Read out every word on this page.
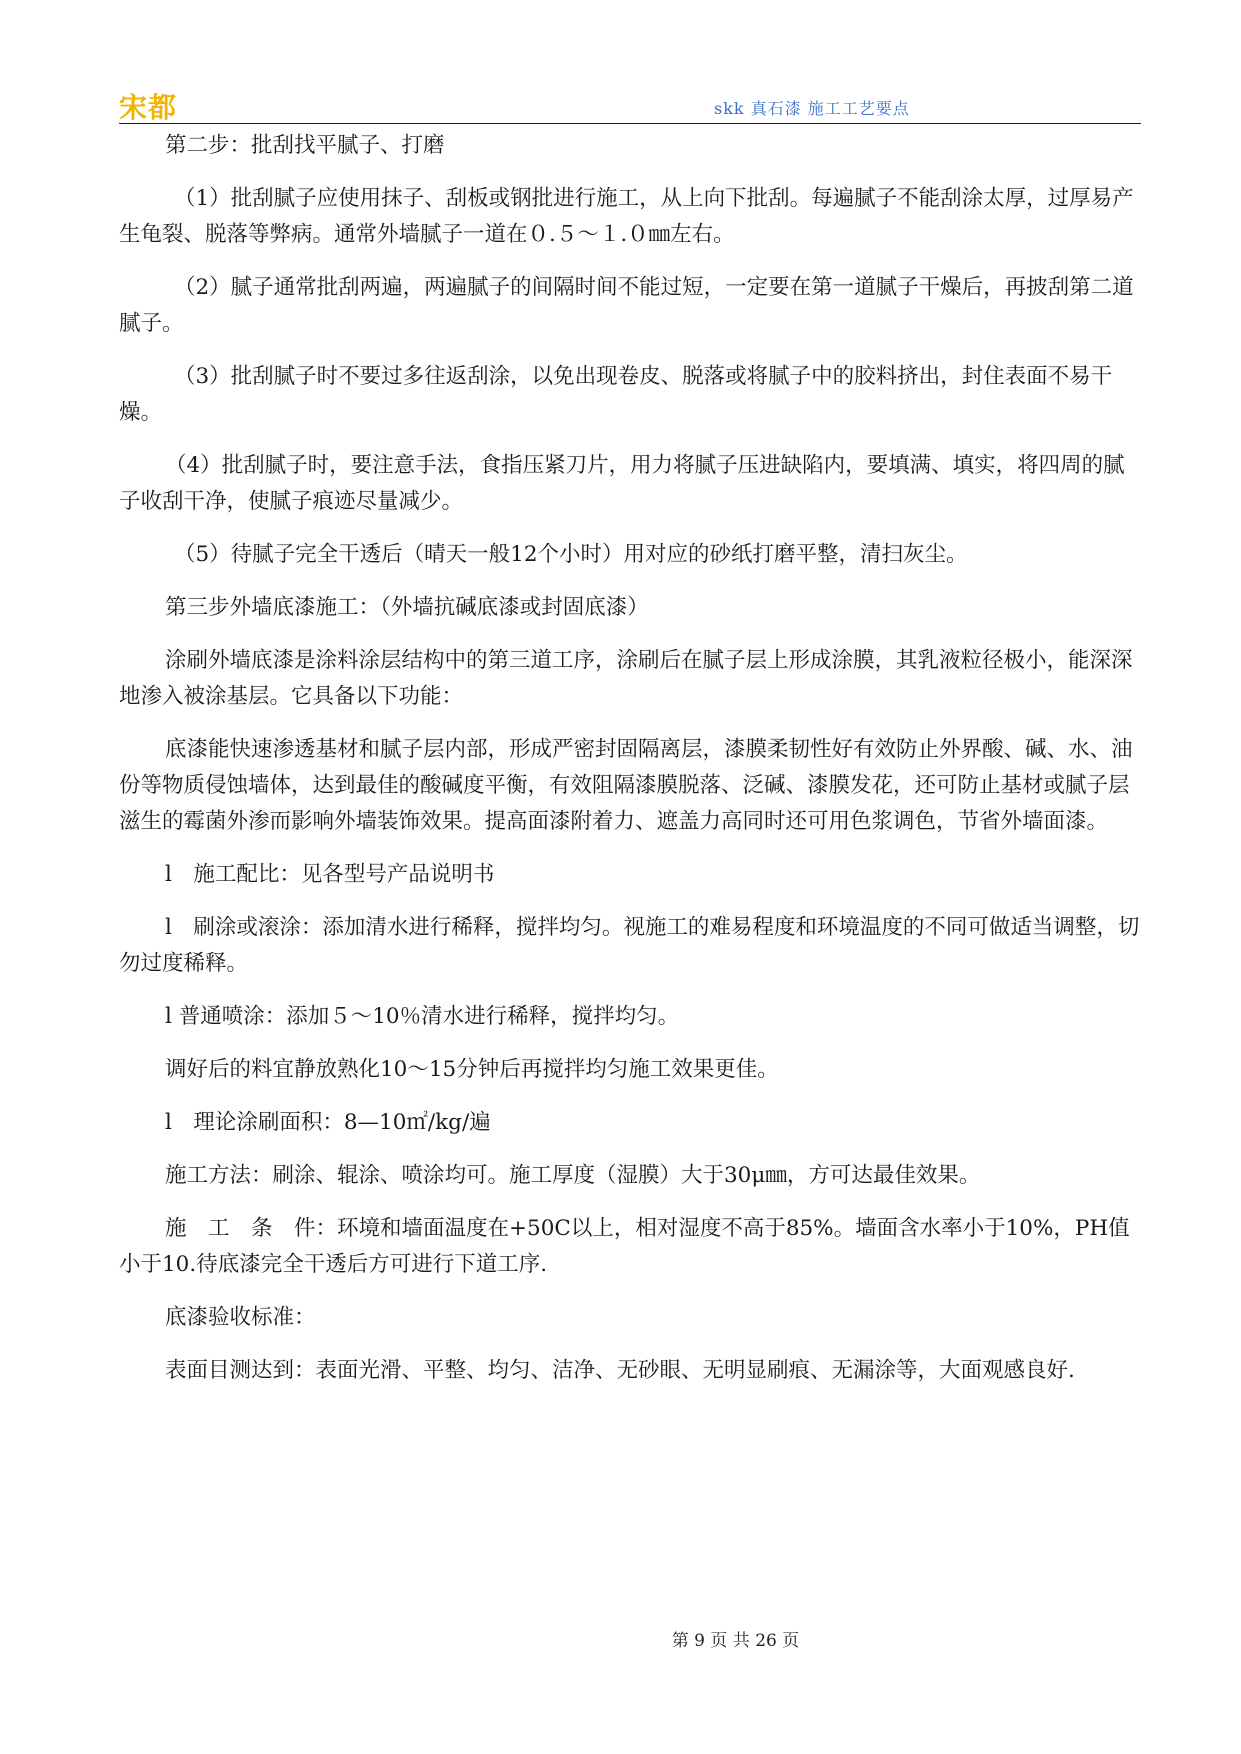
宋都	skk 真石漆 施工工艺要点

第二步：批刮找平腻子、打磨

（1）批刮腻子应使用抹子、刮板或钢批进行施工，从上向下批刮。每遍腻子不能刮涂太厚，过厚易产生龟裂、脱落等弊病。通常外墙腻子一道在０.５～１.０㎜左右。

（2）腻子通常批刮两遍，两遍腻子的间隔时间不能过短，一定要在第一道腻子干燥后，再披刮第二道腻子。

（3）批刮腻子时不要过多往返刮涂，以免出现卷皮、脱落或将腻子中的胶料挤出，封住表面不易干燥。

（4）批刮腻子时，要注意手法，食指压紧刀片，用力将腻子压进缺陷内，要填满、填实，将四周的腻子收刮干净，使腻子痕迹尽量减少。

（5）待腻子完全干透后（晴天一般12个小时）用对应的砂纸打磨平整，清扫灰尘。

第三步外墙底漆施工：（外墙抗碱底漆或封固底漆）

涂刷外墙底漆是涂料涂层结构中的第三道工序，涂刷后在腻子层上形成涂膜，其乳液粒径极小，能深深地渗入被涂基层。它具备以下功能：

底漆能快速渗透基材和腻子层内部，形成严密封固隔离层，漆膜柔韧性好有效防止外界酸、碱、水、油份等物质侵蚀墙体，达到最佳的酸碱度平衡，有效阻隔漆膜脱落、泛碱、漆膜发花，还可防止基材或腻子层滋生的霉菌外渗而影响外墙装饰效果。提高面漆附着力、遮盖力高同时还可用色浆调色，节省外墙面漆。

l　施工配比：见各型号产品说明书

l　刷涂或滚涂：添加清水进行稀释，搅拌均匀。视施工的难易程度和环境温度的不同可做适当调整，切勿过度稀释。

l 普通喷涂：添加５～10％清水进行稀释，搅拌均匀。

调好后的料宜静放熟化10～15分钟后再搅拌均匀施工效果更佳。

l　理论涂刷面积：8—10㎡/kg/遍

施工方法：刷涂、辊涂、喷涂均可。施工厚度（湿膜）大于30μ㎜，方可达最佳效果。

施　工　条　件：环境和墙面温度在+50C以上，相对湿度不高于85%。墙面含水率小于10%，PH值小于10.待底漆完全干透后方可进行下道工序.

底漆验收标准：

表面目测达到：表面光滑、平整、均匀、洁净、无砂眼、无明显刷痕、无漏涂等，大面观感良好.

第 9 页 共 26 页
